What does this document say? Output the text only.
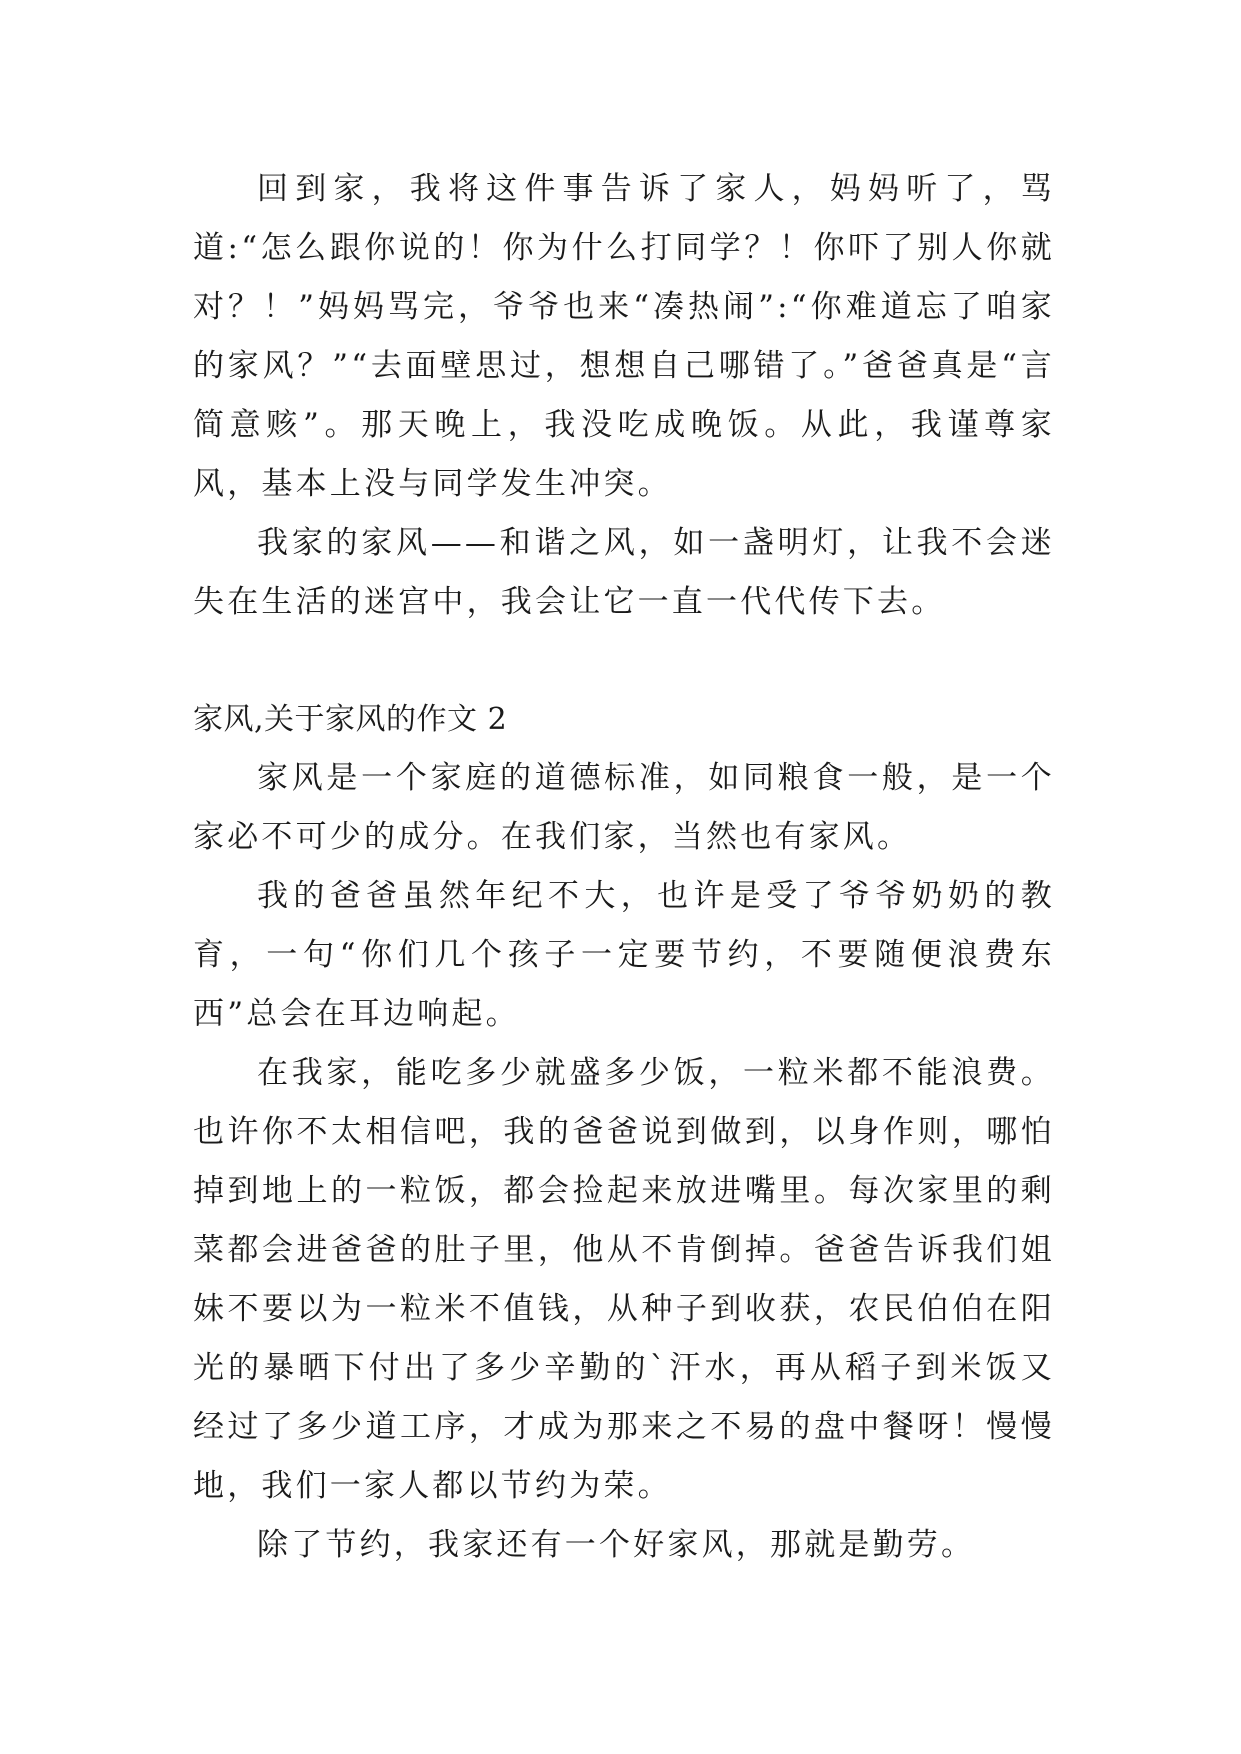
回到家，我将这件事告诉了家人，妈妈听了，骂道:“怎么跟你说的！你为什么打同学？！你吓了别人你就对？！”妈妈骂完，爷爷也来“凑热闹”:“你难道忘了咱家的家风？”“去面壁思过，想想自己哪错了。”爸爸真是“言简意赅”。那天晚上，我没吃成晚饭。从此，我谨尊家风，基本上没与同学发生冲突。

我家的家风——和谐之风，如一盏明灯，让我不会迷失在生活的迷宫中，我会让它一直一代代传下去。

家风,关于家风的作文 2

家风是一个家庭的道德标准，如同粮食一般，是一个家必不可少的成分。在我们家，当然也有家风。

我的爸爸虽然年纪不大，也许是受了爷爷奶奶的教育，一句“你们几个孩子一定要节约，不要随便浪费东西”总会在耳边响起。

在我家，能吃多少就盛多少饭，一粒米都不能浪费。也许你不太相信吧，我的爸爸说到做到，以身作则，哪怕掉到地上的一粒饭，都会捡起来放进嘴里。每次家里的剩菜都会进爸爸的肚子里，他从不肯倒掉。爸爸告诉我们姐妹不要以为一粒米不值钱，从种子到收获，农民伯伯在阳光的暴晒下付出了多少辛勤的`汗水，再从稻子到米饭又经过了多少道工序，才成为那来之不易的盘中餐呀！慢慢地，我们一家人都以节约为荣。

除了节约，我家还有一个好家风，那就是勤劳。
